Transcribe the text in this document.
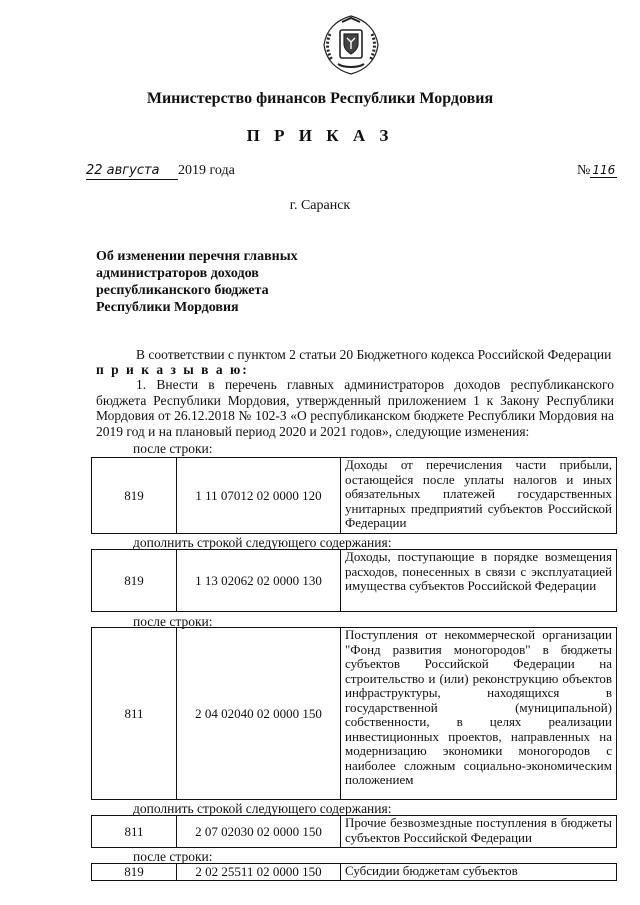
Министерство финансов Республики Мордовия
П Р И К А З
22 августа 2019 года	№ 116
г. Саранск
Об изменении перечня главных
администраторов доходов
республиканского бюджета
Республики Мордовия
В соответствии с пунктом 2 статьи 20 Бюджетного кодекса Российской Федерации
п р и к а з ы в а ю:
1. Внести в перечень главных администраторов доходов республиканского бюджета Республики Мордовия, утвержденный приложением 1 к Закону Республики Мордовия от 26.12.2018 № 102-З «О республиканском бюджете Республики Мордовия на 2019 год и на плановый период 2020 и 2021 годов», следующие изменения:
после строки:
819	1 11 07012 02 0000 120	Доходы от перечисления части прибыли, остающейся после уплаты налогов и иных обязательных платежей государственных унитарных предприятий субъектов Российской Федерации
дополнить строкой следующего содержания:
819	1 13 02062 02 0000 130	Доходы, поступающие в порядке возмещения расходов, понесенных в связи с эксплуатацией имущества субъектов Российской Федерации
после строки:
811	2 04 02040 02 0000 150	Поступления от некоммерческой организации "Фонд развития моногородов" в бюджеты субъектов Российской Федерации на строительство и (или) реконструкцию объектов инфраструктуры, находящихся в государственной (муниципальной) собственности, в целях реализации инвестиционных проектов, направленных на модернизацию экономики моногородов с наиболее сложным социально-экономическим положением
дополнить строкой следующего содержания:
811	2 07 02030 02 0000 150	Прочие безвозмездные поступления в бюджеты субъектов Российской Федерации
после строки:
819	2 02 25511 02 0000 150	Субсидии бюджетам субъектов
